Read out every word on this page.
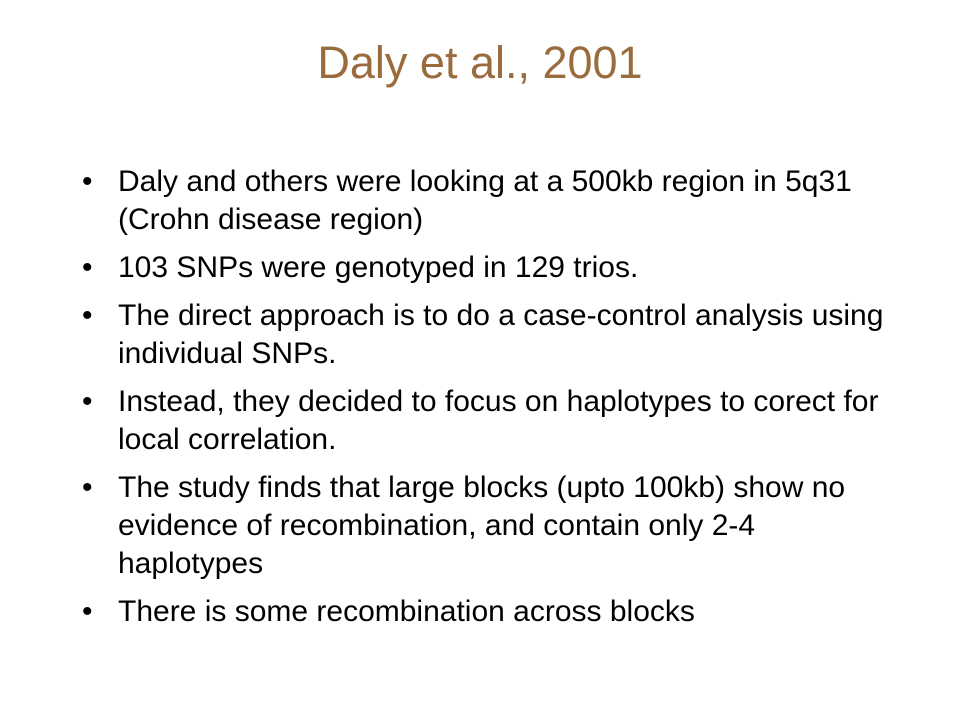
Daly et al., 2001
• Daly and others were looking at a 500kb region in 5q31 (Crohn disease region)
• 103 SNPs were genotyped in 129 trios.
• The direct approach is to do a case-control analysis using individual SNPs.
• Instead, they decided to focus on haplotypes to corect for local correlation.
• The study finds that large blocks (upto 100kb) show no evidence of recombination, and contain only 2-4 haplotypes
• There is some recombination across blocks
